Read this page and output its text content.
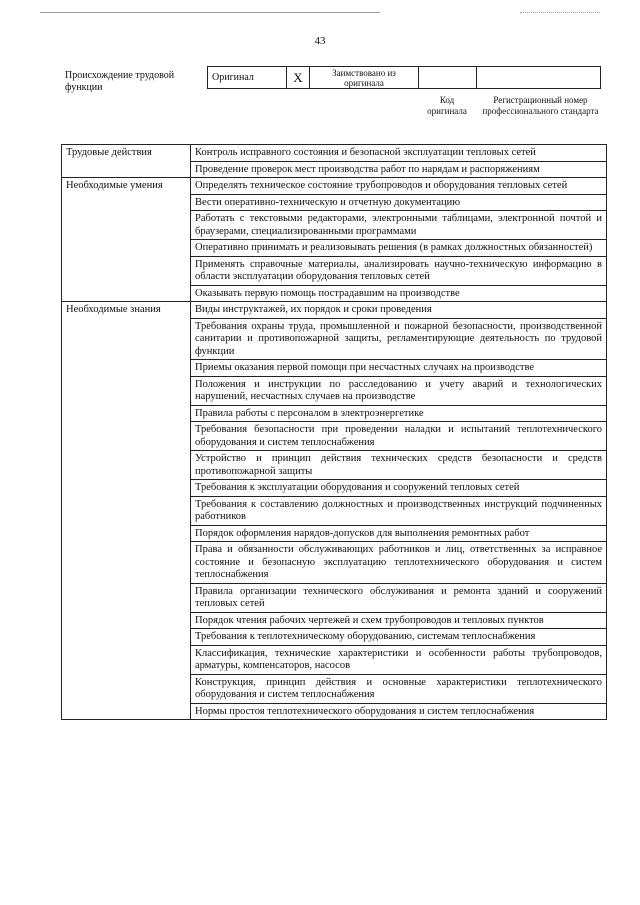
43
Происхождение трудовой функции
Оригинал	X	Заимствовано из оригинала		
Код оригинала
Регистрационный номер профессионального стандарта
Трудовые действия	Контроль исправного состояния и безопасной эксплуатации тепловых сетей
	Проведение проверок мест производства работ по нарядам и распоряжениям
Необходимые умения	Определять техническое состояние трубопроводов и оборудования тепловых сетей
	Вести оперативно-техническую и отчетную документацию
	Работать с текстовыми редакторами, электронными таблицами, электронной почтой и браузерами, специализированными программами
	Оперативно принимать и реализовывать решения (в рамках должностных обязанностей)
	Применять справочные материалы, анализировать научно-техническую информацию в области эксплуатации оборудования тепловых сетей
	Оказывать первую помощь пострадавшим на производстве
Необходимые знания	Виды инструктажей, их порядок и сроки проведения
	Требования охраны труда, промышленной и пожарной безопасности, производственной санитарии и противопожарной защиты, регламентирующие деятельность по трудовой функции
	Приемы оказания первой помощи при несчастных случаях на производстве
	Положения и инструкции по расследованию и учету аварий и технологических нарушений, несчастных случаев на производстве
	Правила работы с персоналом в электроэнергетике
	Требования безопасности при проведении наладки и испытаний теплотехнического оборудования и систем теплоснабжения
	Устройство и принцип действия технических средств безопасности и средств противопожарной защиты
	Требования к эксплуатации оборудования и сооружений тепловых сетей
	Требования к составлению должностных и производственных инструкций подчиненных работников
	Порядок оформления нарядов-допусков для выполнения ремонтных работ
	Права и обязанности обслуживающих работников и лиц, ответственных за исправное состояние и безопасную эксплуатацию теплотехнического оборудования и систем теплоснабжения
	Правила организации технического обслуживания и ремонта зданий и сооружений тепловых сетей
	Порядок чтения рабочих чертежей и схем трубопроводов и тепловых пунктов
	Требования к теплотехническому оборудованию, системам теплоснабжения
	Классификация, технические характеристики и особенности работы трубопроводов, арматуры, компенсаторов, насосов
	Конструкция, принцип действия и основные характеристики теплотехнического оборудования и систем теплоснабжения
	Нормы простоя теплотехнического оборудования и систем теплоснабжения
